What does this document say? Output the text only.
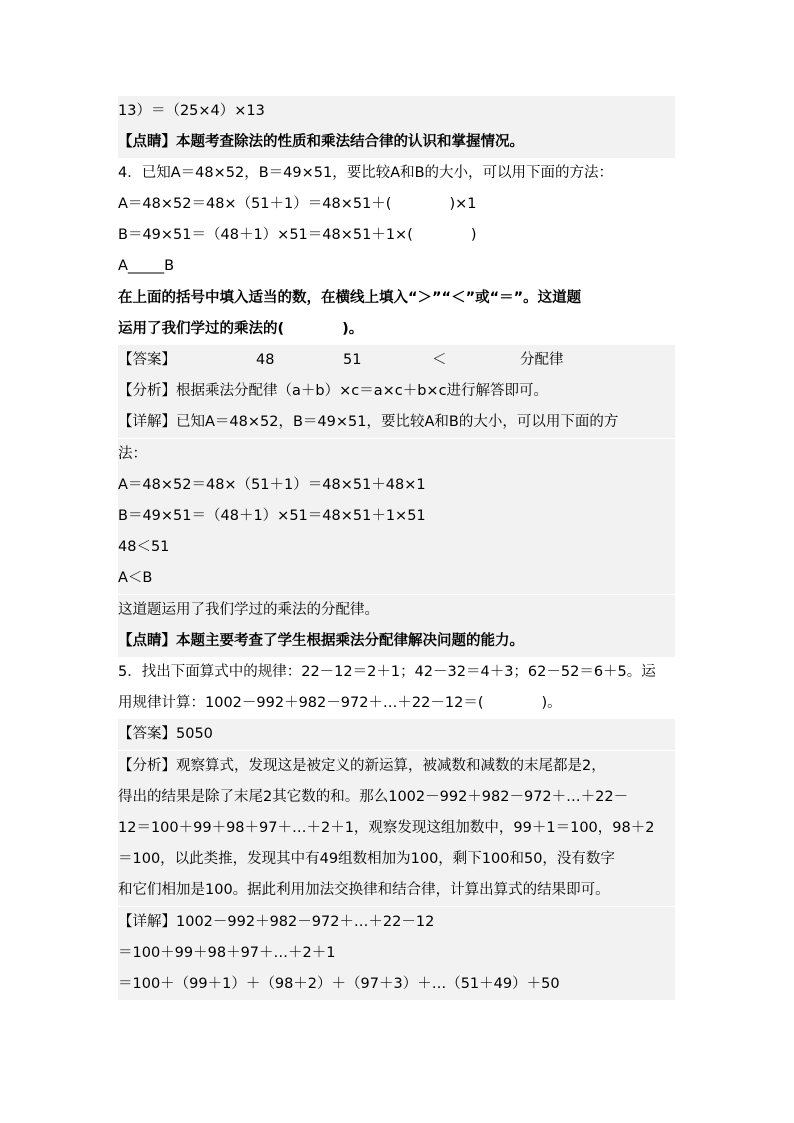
13）＝（25×4）×13
【点睛】本题考查除法的性质和乘法结合律的认识和掌握情况。
4．已知A＝48×52，B＝49×51，要比较A和B的大小，可以用下面的方法：
A＝48×52＝48×（51＋1）＝48×51＋(　　　　)×1
B＝49×51＝（48＋1）×51＝48×51＋1×(　　　　)
A_____B
在上面的括号中填入适当的数，在横线上填入“＞”“＜”或“＝”。这道题
运用了我们学过的乘法的(　　　　)。
【答案】	48	51	＜	分配律
【分析】根据乘法分配律（a＋b）×c＝a×c＋b×c进行解答即可。
【详解】已知A＝48×52，B＝49×51，要比较A和B的大小，可以用下面的方
法：
A＝48×52＝48×（51＋1）＝48×51＋48×1
B＝49×51＝（48＋1）×51＝48×51＋1×51
48＜51
A＜B
这道题运用了我们学过的乘法的分配律。
【点睛】本题主要考查了学生根据乘法分配律解决问题的能力。
5．找出下面算式中的规律：22－12＝2＋1；42－32＝4＋3；62－52＝6＋5。运
用规律计算：1002－992＋982－972＋…＋22－12＝(　　　　)。
【答案】5050
【分析】观察算式，发现这是被定义的新运算，被减数和减数的末尾都是2，
得出的结果是除了末尾2其它数的和。那么1002－992＋982－972＋…＋22－
12＝100＋99＋98＋97＋…＋2＋1，观察发现这组加数中，99＋1＝100，98＋2
＝100，以此类推，发现其中有49组数相加为100，剩下100和50，没有数字
和它们相加是100。据此利用加法交换律和结合律，计算出算式的结果即可。
【详解】1002－992＋982－972＋…＋22－12
＝100＋99＋98＋97＋…＋2＋1
＝100＋（99＋1）＋（98＋2）＋（97＋3）＋…（51＋49）＋50
